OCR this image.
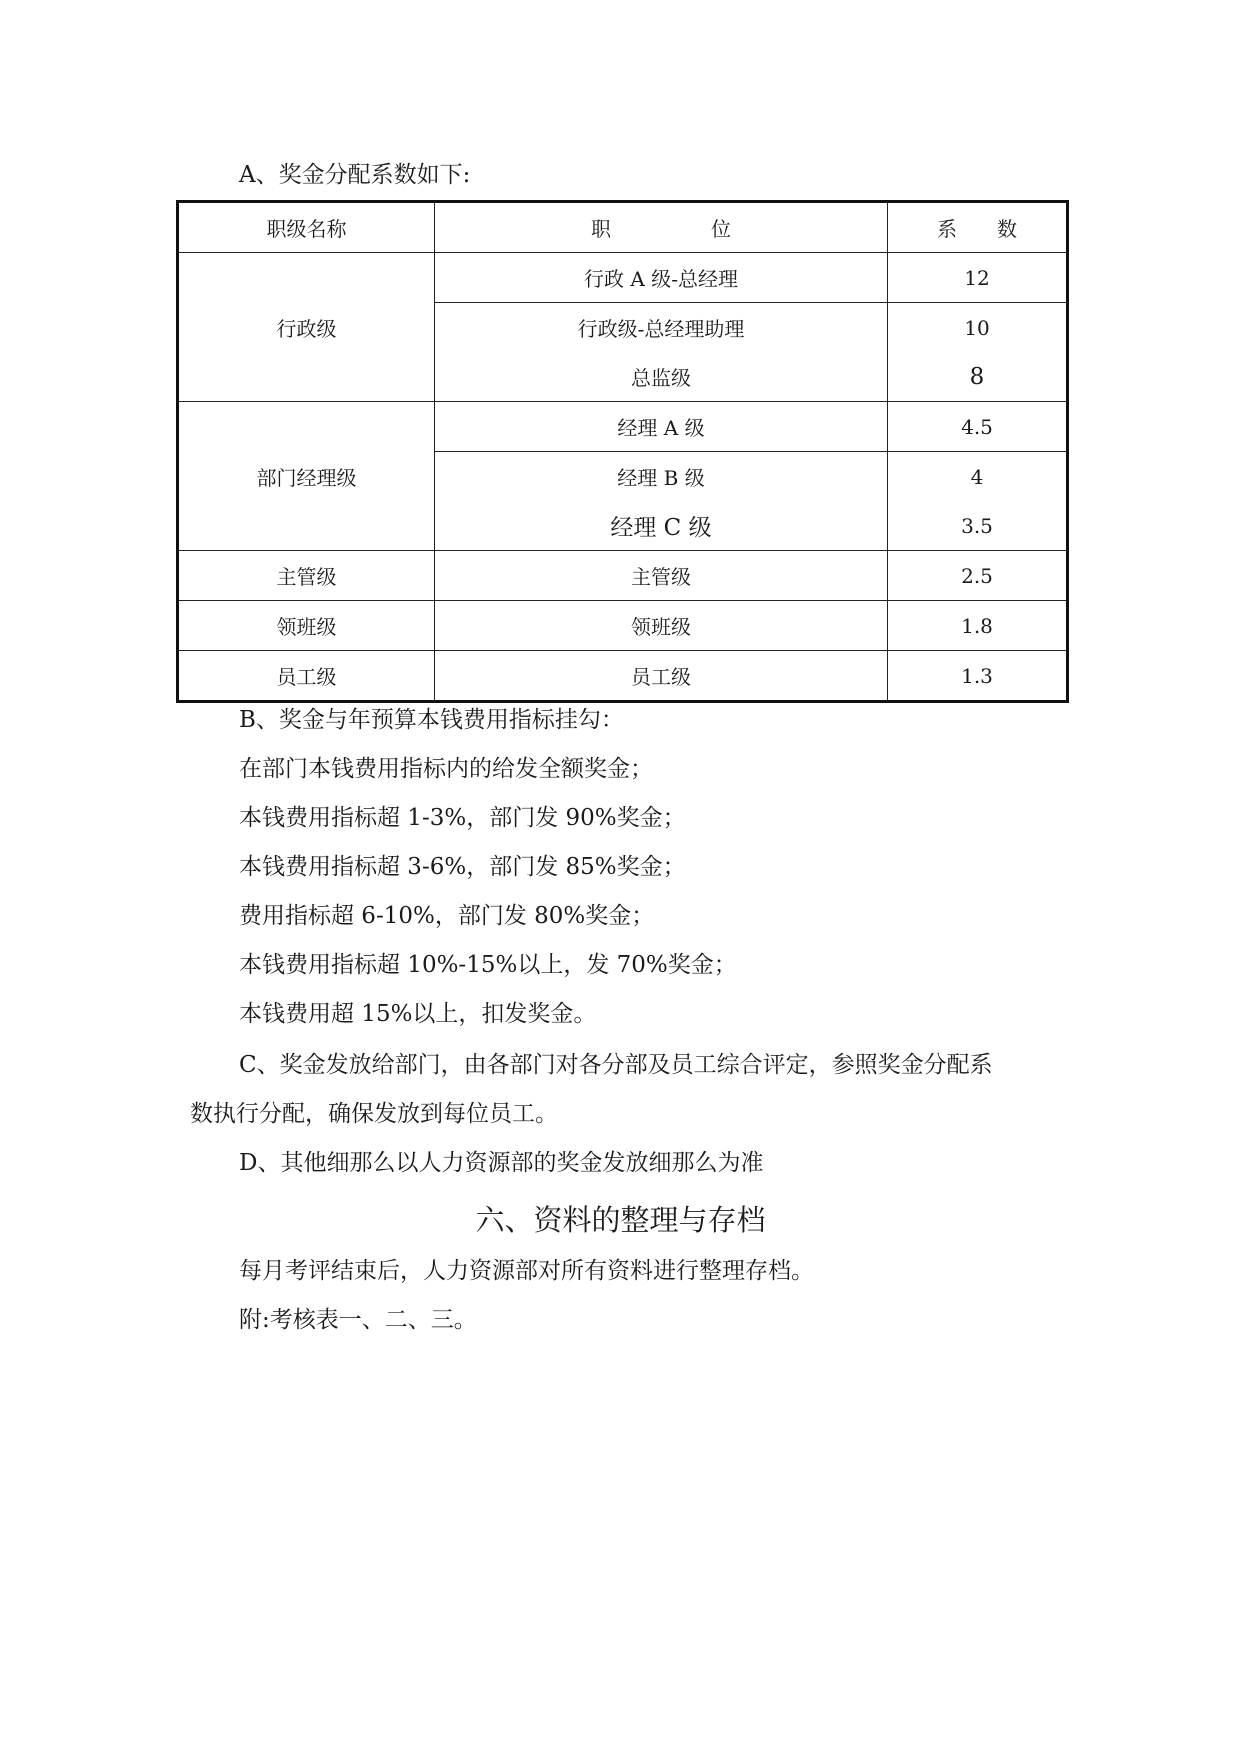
A、奖金分配系数如下:

职级名称	职　　　　　位	系　　数
行政级	行政 A 级-总经理	12
	行政级-总经理助理	10
	总监级	8
部门经理级	经理 A 级	4.5
	经理 B 级	4
	经理 C 级	3.5
主管级	主管级	2.5
领班级	领班级	1.8
员工级	员工级	1.3

B、奖金与年预算本钱费用指标挂勾：

在部门本钱费用指标内的给发全额奖金；

本钱费用指标超 1-3%，部门发 90%奖金；

本钱费用指标超 3-6%，部门发 85%奖金；

费用指标超 6-10%，部门发 80%奖金；

本钱费用指标超 10%-15%以上，发 70%奖金；

本钱费用超 15%以上，扣发奖金。

C、奖金发放给部门，由各部门对各分部及员工综合评定，参照奖金分配系

数执行分配，确保发放到每位员工。

D、其他细那么以人力资源部的奖金发放细那么为准

六、资料的整理与存档

每月考评结束后，人力资源部对所有资料进行整理存档。

附:考核表一、二、三。
